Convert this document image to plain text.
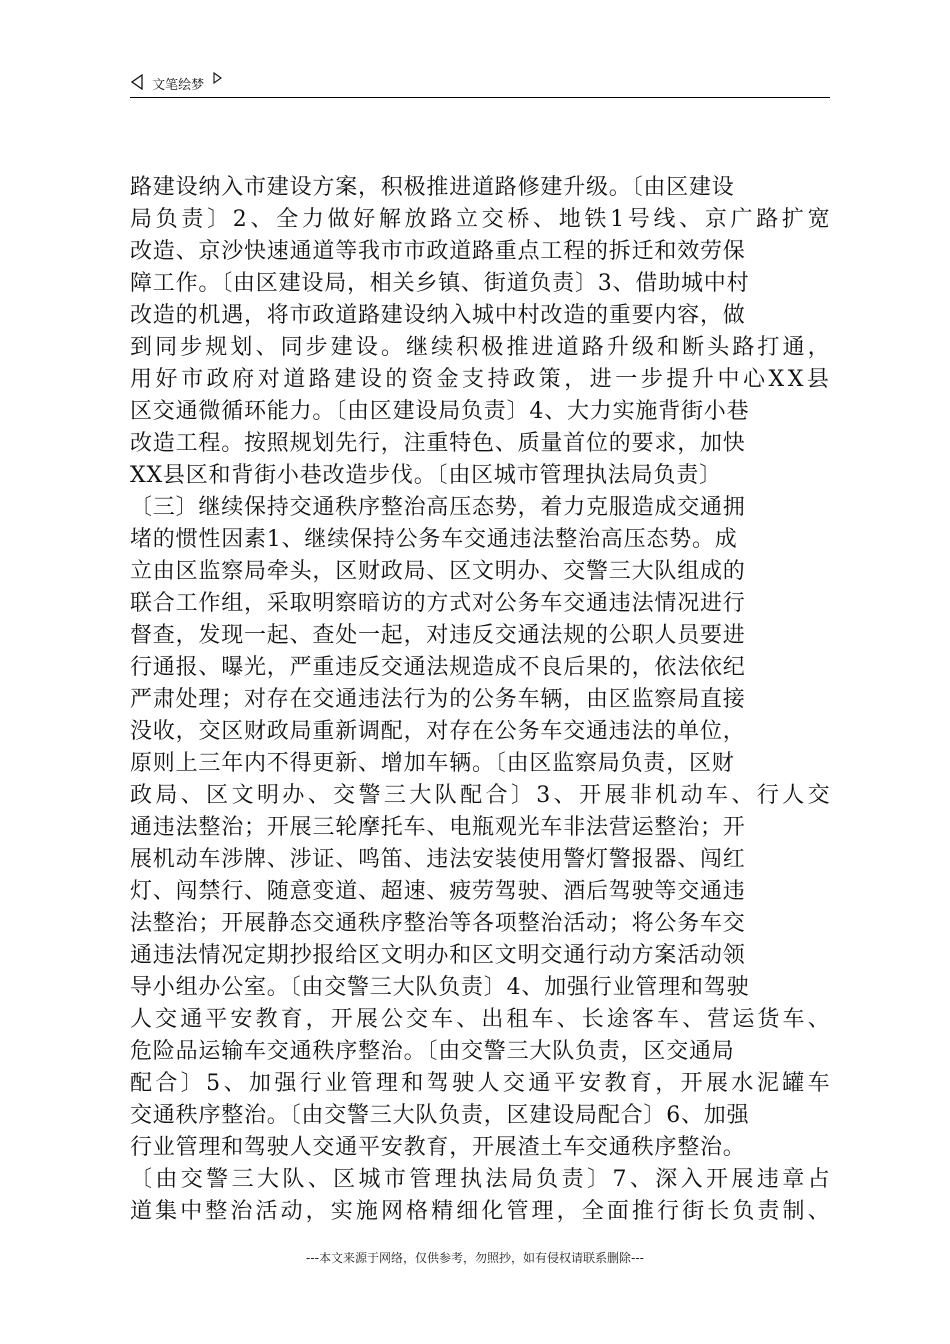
文笔绘梦
路建设纳入市建设方案，积极推进道路修建升级。〔由区建设
局负责〕2、全力做好解放路立交桥、地铁1号线、京广路扩宽
改造、京沙快速通道等我市市政道路重点工程的拆迁和效劳保
障工作。〔由区建设局，相关乡镇、街道负责〕3、借助城中村
改造的机遇，将市政道路建设纳入城中村改造的重要内容，做
到同步规划、同步建设。继续积极推进道路升级和断头路打通，
用好市政府对道路建设的资金支持政策，进一步提升中心XX县
区交通微循环能力。〔由区建设局负责〕4、大力实施背街小巷
改造工程。按照规划先行，注重特色、质量首位的要求，加快
XX县区和背街小巷改造步伐。〔由区城市管理执法局负责〕
〔三〕继续保持交通秩序整治高压态势，着力克服造成交通拥
堵的惯性因素1、继续保持公务车交通违法整治高压态势。成
立由区监察局牵头，区财政局、区文明办、交警三大队组成的
联合工作组，采取明察暗访的方式对公务车交通违法情况进行
督查，发现一起、查处一起，对违反交通法规的公职人员要进
行通报、曝光，严重违反交通法规造成不良后果的，依法依纪
严肃处理；对存在交通违法行为的公务车辆，由区监察局直接
没收，交区财政局重新调配，对存在公务车交通违法的单位，
原则上三年内不得更新、增加车辆。〔由区监察局负责，区财
政局、区文明办、交警三大队配合〕3、开展非机动车、行人交
通违法整治；开展三轮摩托车、电瓶观光车非法营运整治；开
展机动车涉牌、涉证、鸣笛、违法安装使用警灯警报器、闯红
灯、闯禁行、随意变道、超速、疲劳驾驶、酒后驾驶等交通违
法整治；开展静态交通秩序整治等各项整治活动；将公务车交
通违法情况定期抄报给区文明办和区文明交通行动方案活动领
导小组办公室。〔由交警三大队负责〕4、加强行业管理和驾驶
人交通平安教育，开展公交车、出租车、长途客车、营运货车、
危险品运输车交通秩序整治。〔由交警三大队负责，区交通局
配合〕5、加强行业管理和驾驶人交通平安教育，开展水泥罐车
交通秩序整治。〔由交警三大队负责，区建设局配合〕6、加强
行业管理和驾驶人交通平安教育，开展渣土车交通秩序整治。
〔由交警三大队、区城市管理执法局负责〕7、深入开展违章占
道集中整治活动，实施网格精细化管理，全面推行街长负责制、
---本文来源于网络，仅供参考，勿照抄，如有侵权请联系删除---
